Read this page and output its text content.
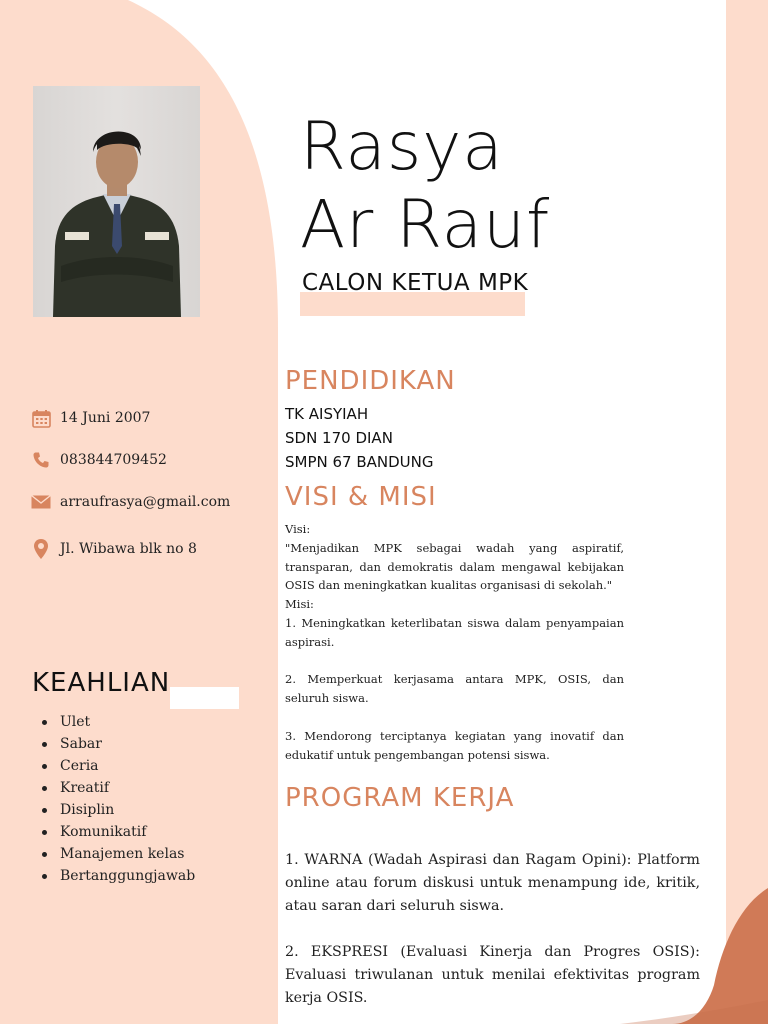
Rasya
Ar Rauf
CALON KETUA MPK
14 Juni 2007
083844709452
arraufrasya@gmail.com
Jl. Wibawa blk no 8
KEAHLIAN
Ulet
Sabar
Ceria
Kreatif
Disiplin
Komunikatif
Manajemen kelas
Bertanggungjawab
PENDIDIKAN
TK AISYIAH
SDN 170 DIAN
SMPN 67 BANDUNG
VISI & MISI

Visi:

"Menjadikan MPK sebagai wadah yang aspiratif, transparan, dan demokratis dalam mengawal kebijakan OSIS dan meningkatkan kualitas organisasi di sekolah."

Misi:

1. Meningkatkan keterlibatan siswa dalam penyampaian aspirasi.

2. Memperkuat kerjasama antara MPK, OSIS, dan seluruh siswa.

3. Mendorong terciptanya kegiatan yang inovatif dan edukatif untuk pengembangan potensi siswa.

PROGRAM KERJA

1. WARNA (Wadah Aspirasi dan Ragam Opini): Platform online atau forum diskusi untuk menampung ide, kritik, atau saran dari seluruh siswa.

2. EKSPRESI (Evaluasi Kinerja dan Progres OSIS): Evaluasi triwulanan untuk menilai efektivitas program kerja OSIS.
